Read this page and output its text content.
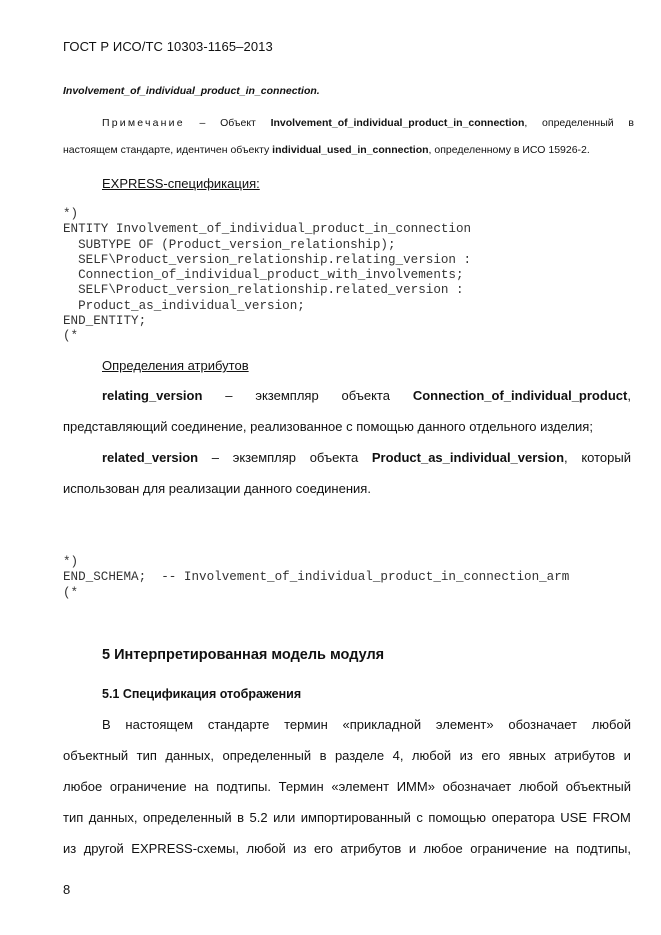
ГОСТ Р ИСО/ТС 10303-1165–2013
Involvement_of_individual_product_in_connection.
Примечание – Объект Involvement_of_individual_product_in_connection, определенный в
настоящем стандарте, идентичен объекту individual_used_in_connection, определенному в ИСО 15926-2.
EXPRESS-спецификация:
*)
ENTITY Involvement_of_individual_product_in_connection
SUBTYPE OF (Product_version_relationship);
SELF\Product_version_relationship.relating_version :
Connection_of_individual_product_with_involvements;
SELF\Product_version_relationship.related_version :
Product_as_individual_version;
END_ENTITY;
(*
Определения атрибутов
relating_version – экземпляр объекта Connection_of_individual_product,
представляющий соединение, реализованное с помощью данного отдельного изделия;
related_version – экземпляр объекта Product_as_individual_version, который
использован для реализации данного соединения.
*)
END_SCHEMA;  -- Involvement_of_individual_product_in_connection_arm
(*
5 Интерпретированная модель модуля
5.1 Спецификация отображения
В настоящем стандарте термин «прикладной элемент» обозначает любой
объектный тип данных, определенный в разделе 4, любой из его явных атрибутов и
любое ограничение на подтипы. Термин «элемент ИММ» обозначает любой объектный
тип данных, определенный в 5.2 или импортированный с помощью оператора USE FROM
из другой EXPRESS-схемы, любой из его атрибутов и любое ограничение на подтипы,
8
